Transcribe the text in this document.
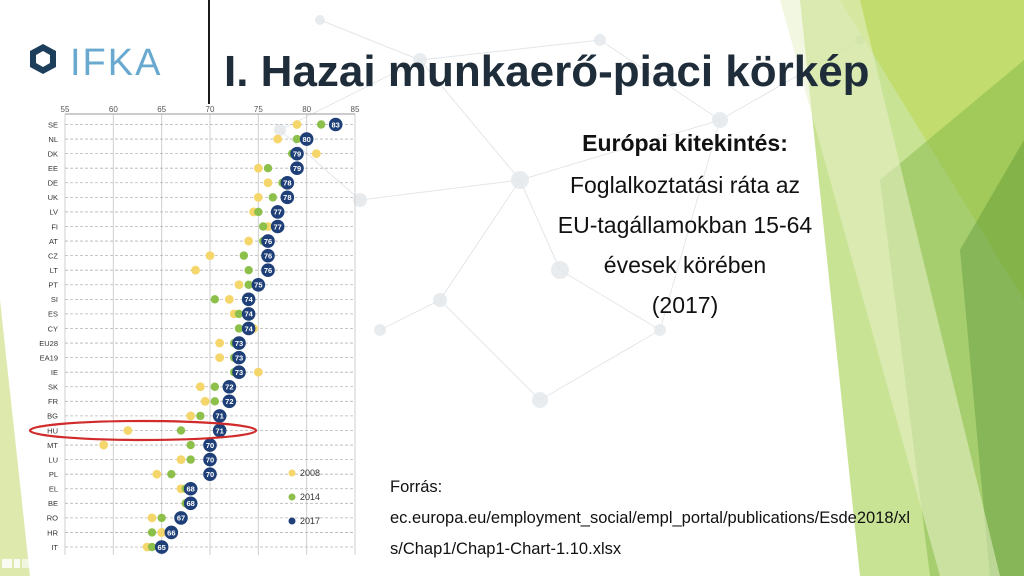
IFKA I. Hazai munkaerő-piaci körkép
55	60	65	70	75	80	85
SE
NL
DK
EE
DE
UK
LV
FI
AT
CZ
LT
PT
SI
ES
CY
EU28
EA19
IE
SK
FR
BG
HU
MT
LU
PL
EL
BE
RO
HR
IT
83
80
79
79
78
78
77
77
76
76
76
75
74
74
74
73
73
73
72
72
71
71
70
70
70
68
68
67
66
65
2008
2014
2017
Európai kitekintés:
Foglalkoztatási ráta az
EU-tagállamokban 15-64
évesek körében
(2017)
Forrás:
ec.europa.eu/employment_social/empl_portal/publications/Esde2018/xl
s/Chap1/Chap1-Chart-1.10.xlsx
